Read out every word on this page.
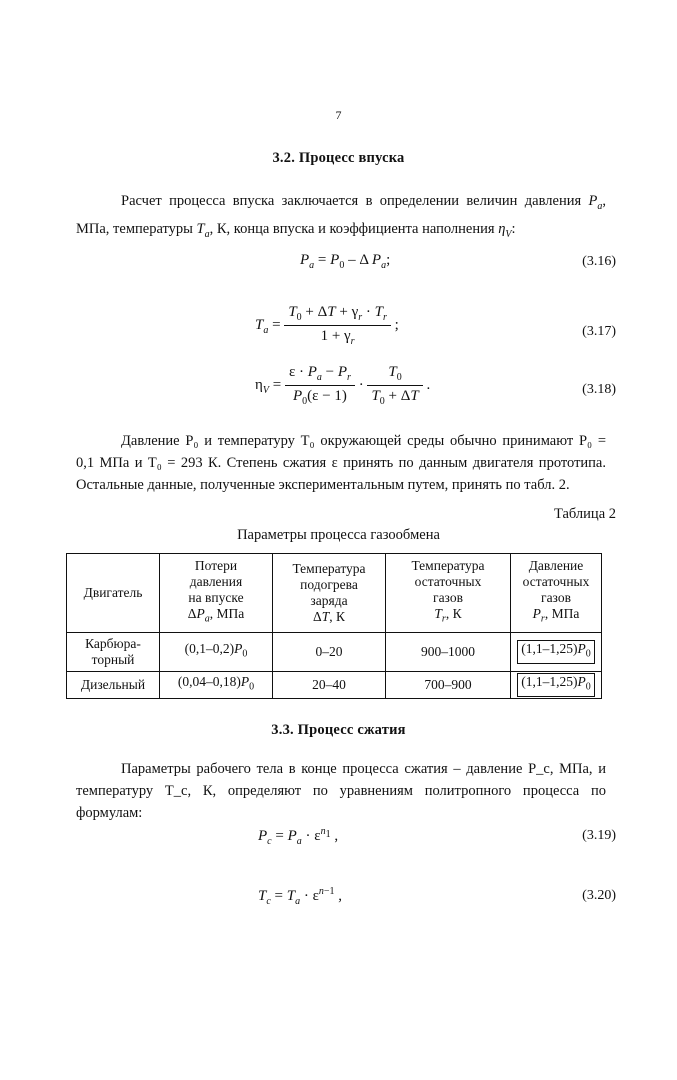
7
3.2. Процесс впуска
Расчет процесса впуска заключается в определении величин давления $P_a$, МПа, температуры $T_a$, К, конца впуска и коэффициента наполнения $\eta_V$:
$P_a = P_0 - \Delta$ $P_a$;	(3.16)
$T_a = \frac{T_0 + \Delta T + \gamma_r \cdot T_r}{1 + \gamma_r}$ ;	(3.17)
$\eta_V = \frac{\varepsilon \cdot P_a - P_r}{P_0(\varepsilon - 1)} \cdot \frac{T_0}{T_0 + \Delta T}$ .	(3.18)
Давление P₀ и температуру T₀ окружающей среды обычно принимают P₀ = 0,1 МПа и T₀ = 293 К. Степень сжатия ε принять по данным двигателя прототипа. Остальные данные, полученные экспериментальным путем, принять по табл. 2.
Таблица 2
Параметры процесса газообмена
Двигатель	Потери
давления
на впуске
$\Delta P_a$, МПа	Температура
подогрева
заряда
ΔT, К	Температура
остаточных
газов
$T_r$, К	Давление
остаточных
газов
$P_r$, МПа
Карбюра-
торный	$(0,1-0,2)P_0$	0–20	900–1000	$(1,1-1,25)P_0$
Дизельный	$(0,04-0,18)P_0$	20–40	700–900	$(1,1-1,25)P_0$
3.3. Процесс сжатия
Параметры рабочего тела в конце процесса сжатия – давление P_c, МПа, и температуру T_c, К, определяют по уравнениям политропного процесса по формулам:
$P_c = P_a \cdot \varepsilon^{n_1}$ ,	(3.19)
$T_c = T_a \cdot \varepsilon^{n-1}$ ,	(3.20)
